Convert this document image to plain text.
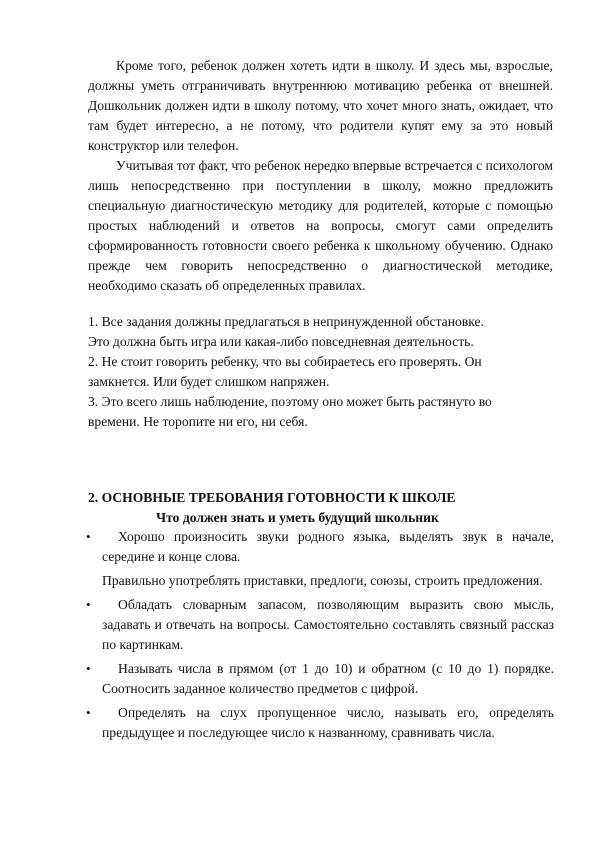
Кроме того, ребенок должен хотеть идти в школу. И здесь мы, взрослые, должны уметь отграничивать внутреннюю мотивацию ребенка от внешней. Дошкольник должен идти в школу потому, что хочет много знать, ожидает, что там будет интересно, а не потому, что родители купят ему за это новый конструктор или телефон.

Учитывая тот факт, что ребенок нередко впервые встречается с психологом лишь непосредственно при поступлении в школу, можно предложить специальную диагностическую методику для родителей, которые с помощью простых наблюдений и ответов на вопросы, смогут сами определить сформированность готовности своего ребенка к школьному обучению. Однако прежде чем говорить непосредственно о диагностической методике, необходимо сказать об определенных правилах.

1. Все задания должны предлагаться в непринужденной обстановке. Это должна быть игра или какая-либо повседневная деятельность.
2. Не стоит говорить ребенку, что вы собираетесь его проверять. Он замкнется. Или будет слишком напряжен.
3. Это всего лишь наблюдение, поэтому оно может быть растянуто во времени. Не торопите ни его, ни себя.
2. ОСНОВНЫЕ ТРЕБОВАНИЯ ГОТОВНОСТИ К ШКОЛЕ
Что должен знать и уметь будущий школьник
•	Хорошо произносить звуки родного языка, выделять звук в начале, середине и конце слова.

Правильно употреблять приставки, предлоги, союзы, строить предложения.

•	Обладать словарным запасом, позволяющим выразить свою мысль, задавать и отвечать на вопросы. Самостоятельно составлять связный рассказ по картинкам.

•	Называть числа в прямом (от 1 до 10) и обратном (с 10 до 1) порядке. Соотносить заданное количество предметов с цифрой.

•	Определять на слух пропущенное число, называть его, определять предыдущее и последующее число к названному, сравнивать числа.
